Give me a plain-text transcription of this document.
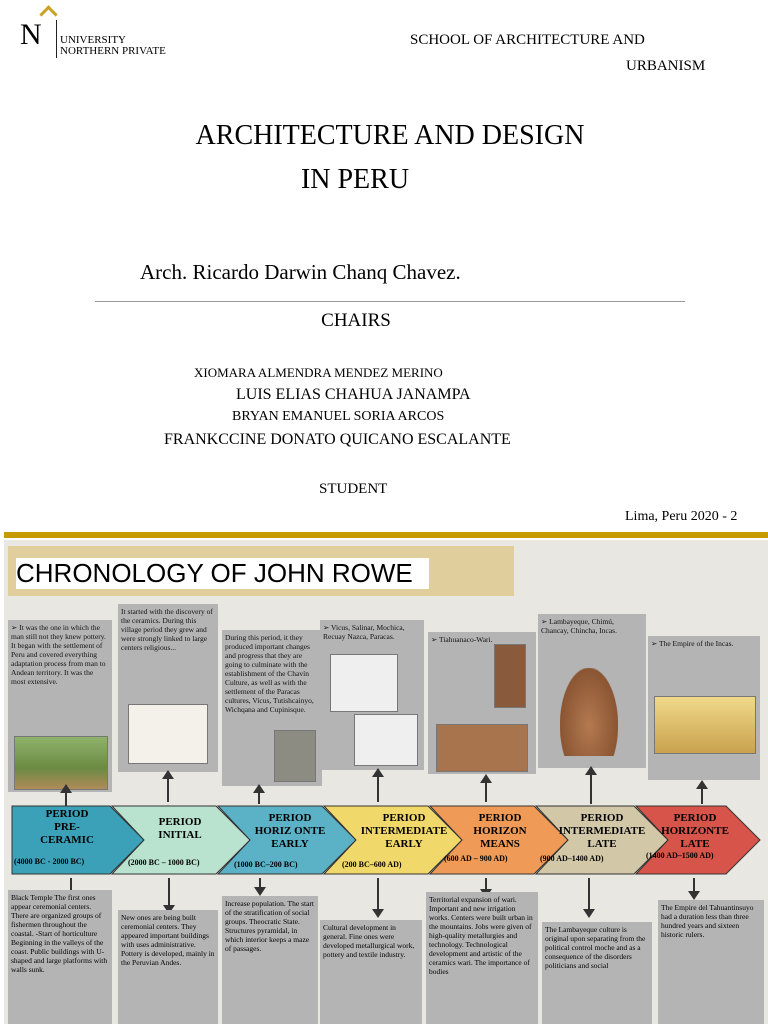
N UNIVERSITY
NORTHERN PRIVATE
SCHOOL OF ARCHITECTURE AND
URBANISM
ARCHITECTURE AND DESIGN
IN PERU
Arch. Ricardo Darwin Chanq Chavez.
CHAIRS
XIOMARA ALMENDRA MENDEZ MERINO
LUIS ELIAS CHAHUA JANAMPA
BRYAN EMANUEL SORIA ARCOS
FRANKCCINE DONATO QUICANO ESCALANTE
STUDENT
Lima, Peru 2020 - 2
CHRONOLOGY OF JOHN ROWE
➢ It was the one in which the man still not they knew pottery. It began with the settlement of Peru and covered everything adaptation process from man to Andean territory. It was the most extensive.
It started with the discovery of the ceramics. During this village period they grew and were strongly linked to large centers religious...
During this period, it they produced important changes and progress that they are going to culminate with the establishment of the Chavín Culture, as well as with the settlement of the Paracas cultures, Vicus, Tutishcainyo, Wichqana and Cupinisque.
➢ Vicus, Salinar, Mochica, Recuay Nazca, Paracas.	➢ Tiahuanaco-Wari.
➢ Lambayeque, Chimú, Chancay, Chincha, Incas.
➢ The Empire of the Incas.
PERIOD
PRE-
CERAMIC
(4000 BC - 2000 BC)
PERIOD
INITIAL
(2000 BC – 1000 BC)
PERIOD
HORIZ ONTE
EARLY
(1000 BC–200 BC)
PERIOD
INTERMEDIATE
EARLY
(200 BC–600 AD)
PERIOD
HORIZON
MEANS
(600 AD – 900 AD)
PERIOD
INTERMEDIATE
LATE
(900 AD–1400 AD)
PERIOD
HORIZONTE
LATE
(1400 AD–1500 AD)
Black Temple The first ones appear ceremonial centers. There are organized groups of fishermen throughout the coastal. -Start of horticulture Beginning in the valleys of the coast. Public buildings with U-shaped and large platforms with walls sunk.
New ones are being built ceremonial centers. They appeared important buildings with uses administrative. Pottery is developed, mainly in the Peruvian Andes.
Increase population. The start of the stratification of social groups. Theocratic State. Structures pyramidal, in which interior keeps a maze of passages.
Cultural development in general. Fine ones were developed metallurgical work, pottery and textile industry.
Territorial expansion of wari. Important and new irrigation works. Centers were built urban in the mountains. Jobs were given of high-quality metallurgies and technology. Technological development and artistic of the ceramics wari. The importance of bodies
The Lambayeque culture is original upon separating from the political control moche and as a consequence of the disorders politicians and social
The Empire del Tahuantinsuyo had a duration less than three hundred years and sixteen historic rulers.
